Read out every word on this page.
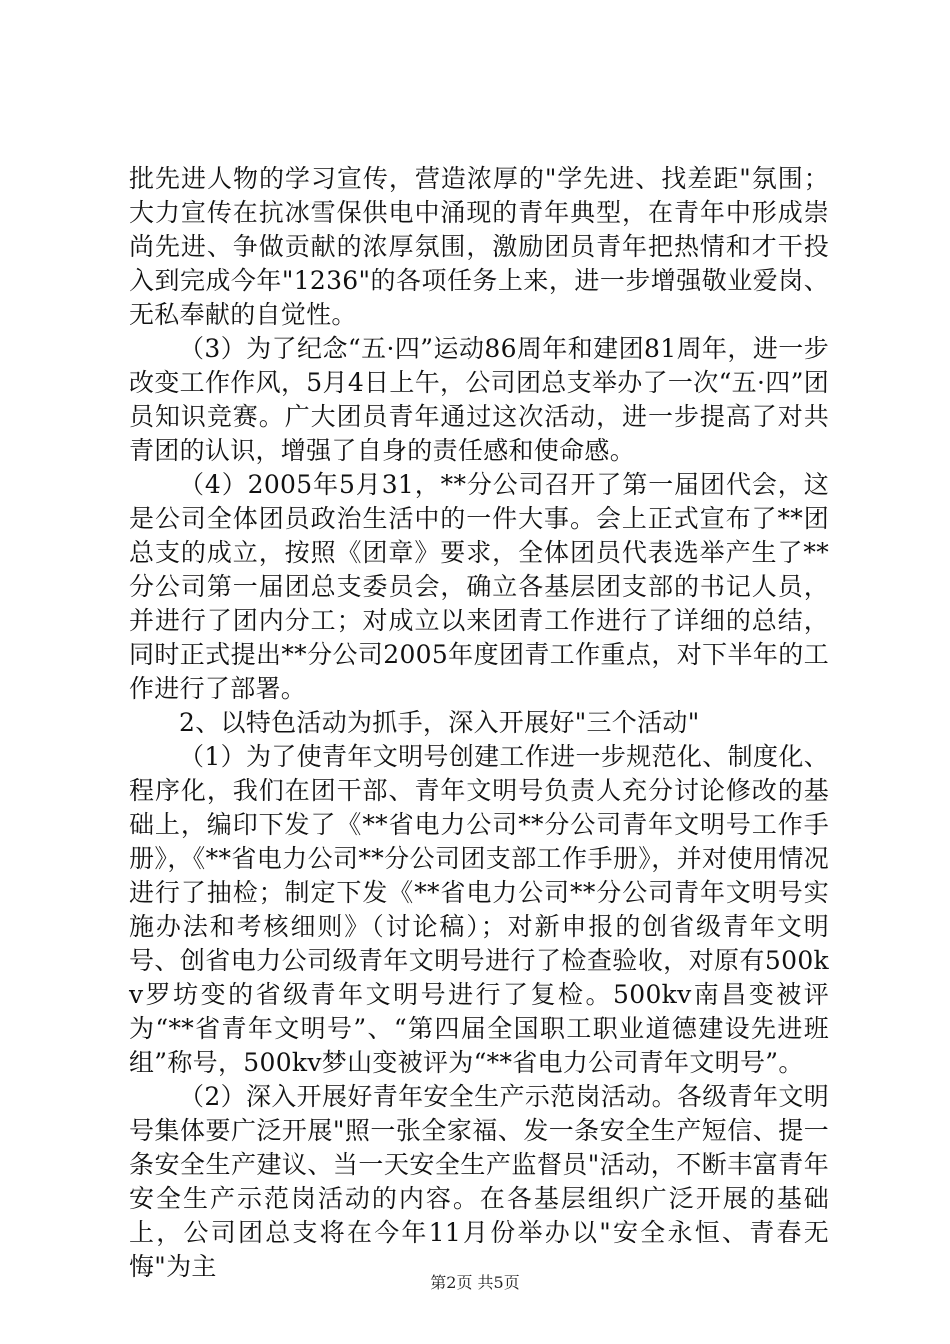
批先进人物的学习宣传，营造浓厚的"学先进、找差距"氛围；大力宣传在抗冰雪保供电中涌现的青年典型，在青年中形成崇尚先进、争做贡献的浓厚氛围，激励团员青年把热情和才干投入到完成今年"1236"的各项任务上来，进一步增强敬业爱岗、无私奉献的自觉性。

（3）为了纪念“五·四”运动86周年和建团81周年，进一步改变工作作风，5月4日上午，公司团总支举办了一次“五·四”团员知识竞赛。广大团员青年通过这次活动，进一步提高了对共青团的认识，增强了自身的责任感和使命感。

（4）2005年5月31，**分公司召开了第一届团代会，这是公司全体团员政治生活中的一件大事。会上正式宣布了**团总支的成立，按照《团章》要求，全体团员代表选举产生了**分公司第一届团总支委员会，确立各基层团支部的书记人员，并进行了团内分工；对成立以来团青工作进行了详细的总结，同时正式提出**分公司2005年度团青工作重点，对下半年的工作进行了部署。

2、以特色活动为抓手，深入开展好"三个活动"

（1）为了使青年文明号创建工作进一步规范化、制度化、程序化，我们在团干部、青年文明号负责人充分讨论修改的基础上，编印下发了《**省电力公司**分公司青年文明号工作手册》，《**省电力公司**分公司团支部工作手册》，并对使用情况进行了抽检；制定下发《**省电力公司**分公司青年文明号实施办法和考核细则》（讨论稿）；对新申报的创省级青年文明号、创省电力公司级青年文明号进行了检查验收，对原有500kv罗坊变的省级青年文明号进行了复检。500kv南昌变被评为“**省青年文明号”、“第四届全国职工职业道德建设先进班组”称号，500kv梦山变被评为“**省电力公司青年文明号”。

（2）深入开展好青年安全生产示范岗活动。各级青年文明号集体要广泛开展"照一张全家福、发一条安全生产短信、提一条安全生产建议、当一天安全生产监督员"活动，不断丰富青年安全生产示范岗活动的内容。在各基层组织广泛开展的基础上，公司团总支将在今年11月份举办以"安全永恒、青春无悔"为主

第2页 共5页
